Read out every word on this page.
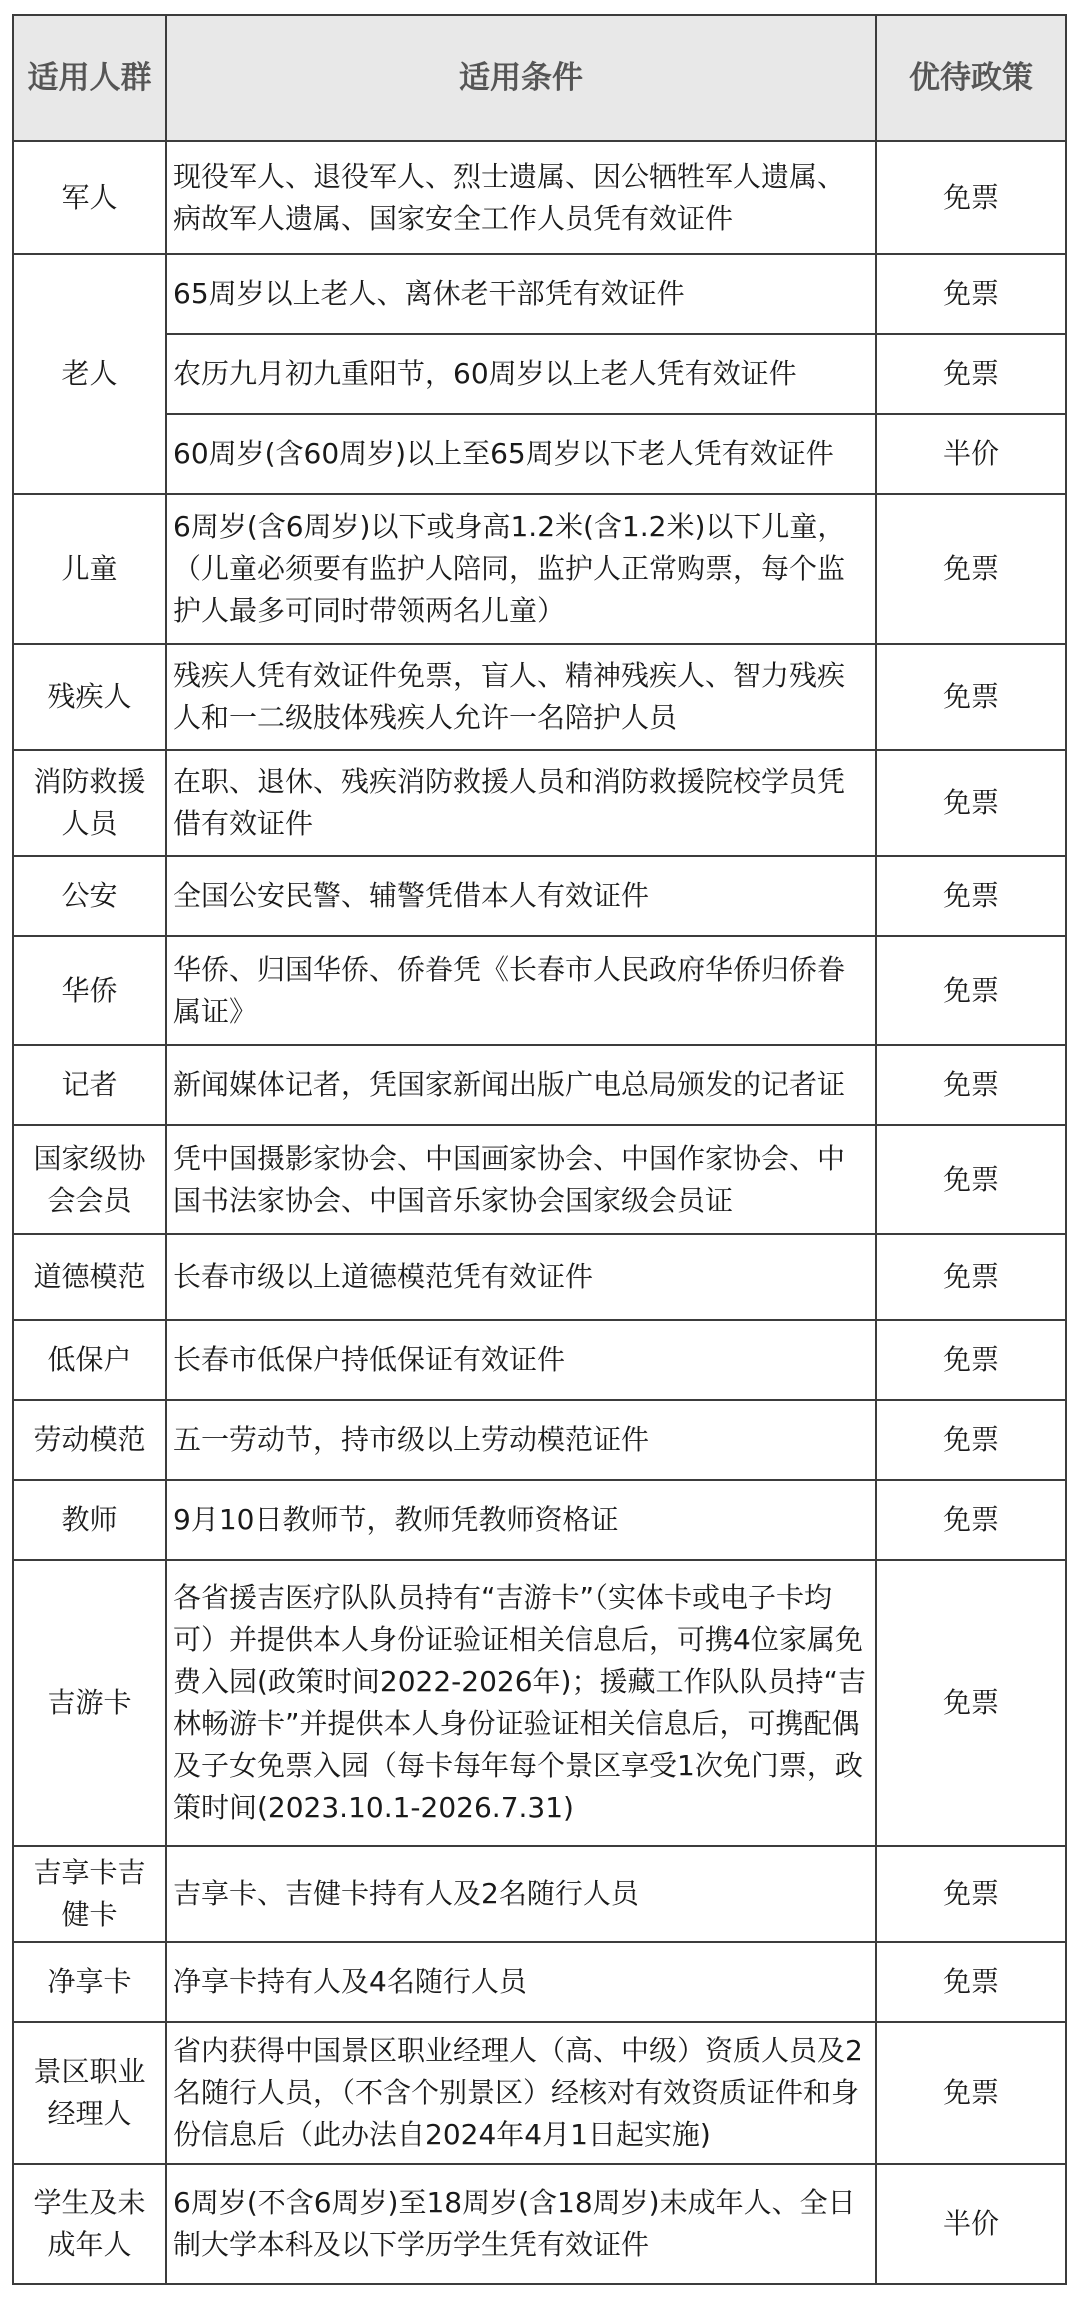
适用人群	适用条件	优待政策
军人	现役军人、退役军人、烈士遗属、因公牺牲军人遗属、病故军人遗属、国家安全工作人员凭有效证件	免票
老人	65周岁以上老人、离休老干部凭有效证件	免票
	农历九月初九重阳节，60周岁以上老人凭有效证件	免票
	60周岁(含60周岁)以上至65周岁以下老人凭有效证件	半价
儿童	6周岁(含6周岁)以下或身高1.2米(含1.2米)以下儿童，（儿童必须要有监护人陪同，监护人正常购票，每个监护人最多可同时带领两名儿童）	免票
残疾人	残疾人凭有效证件免票，盲人、精神残疾人、智力残疾人和一二级肢体残疾人允许一名陪护人员	免票
消防救援人员	在职、退休、残疾消防救援人员和消防救援院校学员凭借有效证件	免票
公安	全国公安民警、辅警凭借本人有效证件	免票
华侨	华侨、归国华侨、侨眷凭《长春市人民政府华侨归侨眷属证》	免票
记者	新闻媒体记者，凭国家新闻出版广电总局颁发的记者证	免票
国家级协会会员	凭中国摄影家协会、中国画家协会、中国作家协会、中国书法家协会、中国音乐家协会国家级会员证	免票
道德模范	长春市级以上道德模范凭有效证件	免票
低保户	长春市低保户持低保证有效证件	免票
劳动模范	五一劳动节，持市级以上劳动模范证件	免票
教师	9月10日教师节，教师凭教师资格证	免票
吉游卡	各省援吉医疗队队员持有“吉游卡”（实体卡或电子卡均可）并提供本人身份证验证相关信息后，可携4位家属免费入园(政策时间2022-2026年)；援藏工作队队员持“吉林畅游卡”并提供本人身份证验证相关信息后，可携配偶及子女免票入园（每卡每年每个景区享受1次免门票，政策时间(2023.10.1-2026.7.31)	免票
吉享卡吉健卡	吉享卡、吉健卡持有人及2名随行人员	免票
净享卡	净享卡持有人及4名随行人员	免票
景区职业经理人	省内获得中国景区职业经理人（高、中级）资质人员及2名随行人员，（不含个别景区）经核对有效资质证件和身份信息后（此办法自2024年4月1日起实施)	免票
学生及未成年人	6周岁(不含6周岁)至18周岁(含18周岁)未成年人、全日制大学本科及以下学历学生凭有效证件	半价
